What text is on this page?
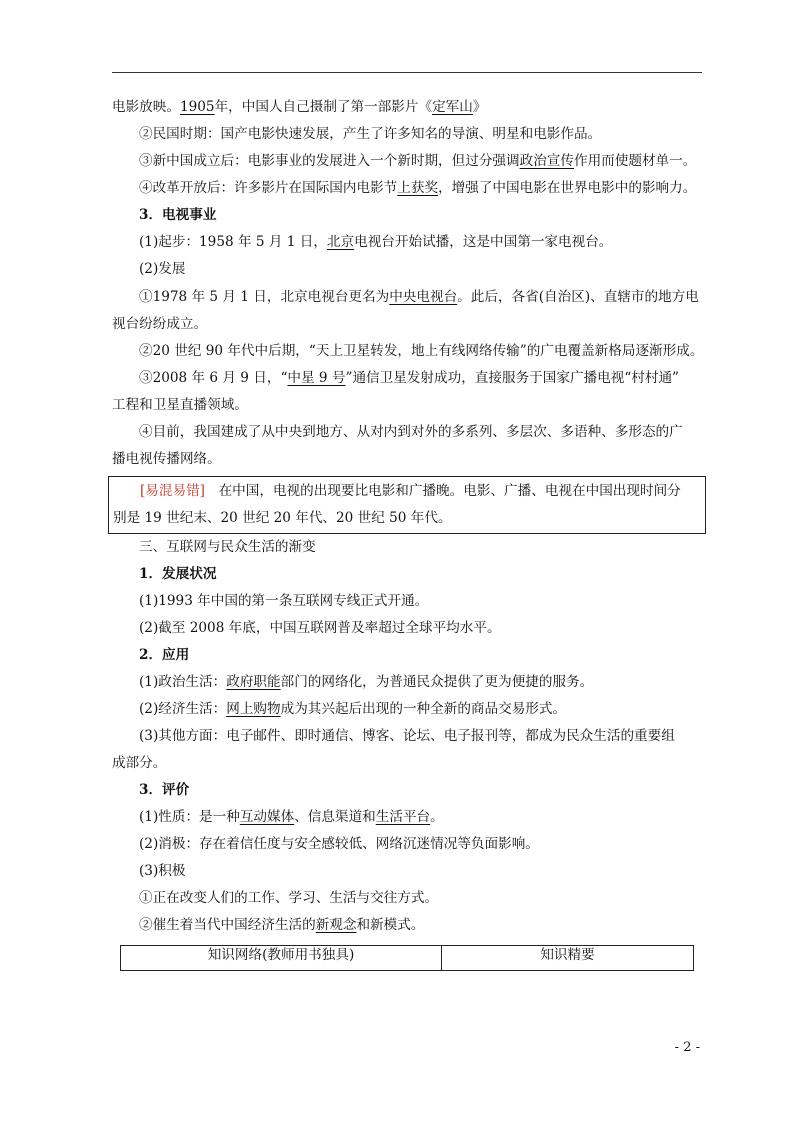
电影放映。1905年，中国人自己摄制了第一部影片《定军山》
②民国时期：国产电影快速发展，产生了许多知名的导演、明星和电影作品。
③新中国成立后：电影事业的发展进入一个新时期，但过分强调政治宣传作用而使题材单一。
④改革开放后：许多影片在国际国内电影节上获奖，增强了中国电影在世界电影中的影响力。
3．电视事业
(1)起步：1958 年 5 月 1 日，北京电视台开始试播，这是中国第一家电视台。
(2)发展
①1978 年 5 月 1 日，北京电视台更名为中央电视台。此后，各省(自治区)、直辖市的地方电
视台纷纷成立。
②20 世纪 90 年代中后期，“天上卫星转发，地上有线网络传输”的广电覆盖新格局逐渐形成。
③2008 年 6 月 9 日，“中星 9 号”通信卫星发射成功，直接服务于国家广播电视“村村通”
工程和卫星直播领域。
④目前，我国建成了从中央到地方、从对内到对外的多系列、多层次、多语种、多形态的广
播电视传播网络。
[易混易错]　在中国，电视的出现要比电影和广播晚。电影、广播、电视在中国出现时间分
别是 19 世纪末、20 世纪 20 年代、20 世纪 50 年代。
三、互联网与民众生活的渐变
1．发展状况
(1)1993 年中国的第一条互联网专线正式开通。
(2)截至 2008 年底，中国互联网普及率超过全球平均水平。
2．应用
(1)政治生活：政府职能部门的网络化，为普通民众提供了更为便捷的服务。
(2)经济生活：网上购物成为其兴起后出现的一种全新的商品交易形式。
(3)其他方面：电子邮件、即时通信、博客、论坛、电子报刊等，都成为民众生活的重要组
成部分。
3．评价
(1)性质：是一种互动媒体、信息渠道和生活平台。
(2)消极：存在着信任度与安全感较低、网络沉迷情况等负面影响。
(3)积极
①正在改变人们的工作、学习、生活与交往方式。
②催生着当代中国经济生活的新观念和新模式。
知识网络(教师用书独具)	知识精要
- 2 -
